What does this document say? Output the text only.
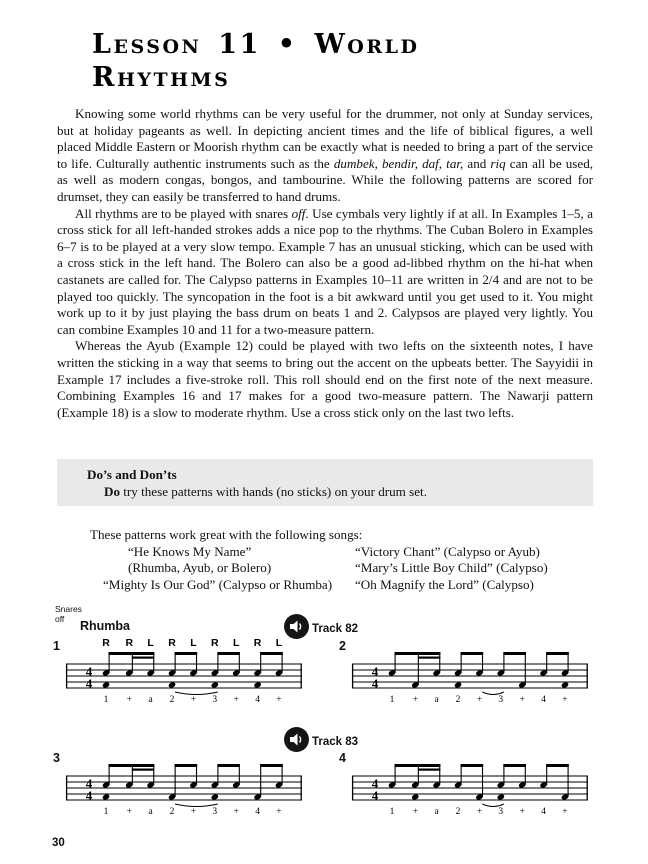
Lesson 11 • World
Rhythms

Knowing some world rhythms can be very useful for the drummer, not only at Sunday services, but at holiday pageants as well. In depicting ancient times and the life of biblical figures, a well placed Middle Eastern or Moorish rhythm can be exactly what is needed to bring a part of the service to life. Culturally authentic instruments such as the dumbek, bendir, daf, tar, and riq can all be used, as well as modern congas, bongos, and tambourine. While the following patterns are scored for drumset, they can easily be transferred to hand drums.

All rhythms are to be played with snares off. Use cymbals very lightly if at all. In Examples 1–5, a cross stick for all left-handed strokes adds a nice pop to the rhythms. The Cuban Bolero in Examples 6–7 is to be played at a very slow tempo. Example 7 has an unusual sticking, which can be used with a cross stick in the left hand. The Bolero can also be a good ad-libbed rhythm on the hi-hat when castanets are called for. The Calypso patterns in Examples 10–11 are written in 2/4 and are not to be played too quickly. The syncopation in the foot is a bit awkward until you get used to it. You might work up to it by just playing the bass drum on beats 1 and 2. Calypsos are played very lightly. You can combine Examples 10 and 11 for a two-measure pattern.

Whereas the Ayub (Example 12) could be played with two lefts on the sixteenth notes, I have written the sticking in a way that seems to bring out the accent on the upbeats better. The Sayyidii in Example 17 includes a five-stroke roll. This roll should end on the first note of the next measure. Combining Examples 16 and 17 makes for a good two-measure pattern. The Nawarji pattern (Example 18) is a slow to moderate rhythm. Use a cross stick only on the last two lefts.

Do’s and Don’ts
Do try these patterns with hands (no sticks) on your drum set.
These patterns work great with the following songs:
“He Knows My Name”
(Rhumba, Ayub, or Bolero)
“Mighty Is Our God” (Calypso or Rhumba)
“Victory Chant” (Calypso or Ayub)
“Mary’s Little Boy Child” (Calypso)
“Oh Magnify the Lord” (Calypso)
Snares off
Rhumba	Track 82
Track 83
1
4
4
1 + a 2 + 3 + 4 +
R R L R L R L R L	2
4
4
1 + a 2 + 3 + 4 +
3
4
4
1 + a 2 + 3 + 4 +
4
4
4
1 + a 2 + 3 + 4 +
30
